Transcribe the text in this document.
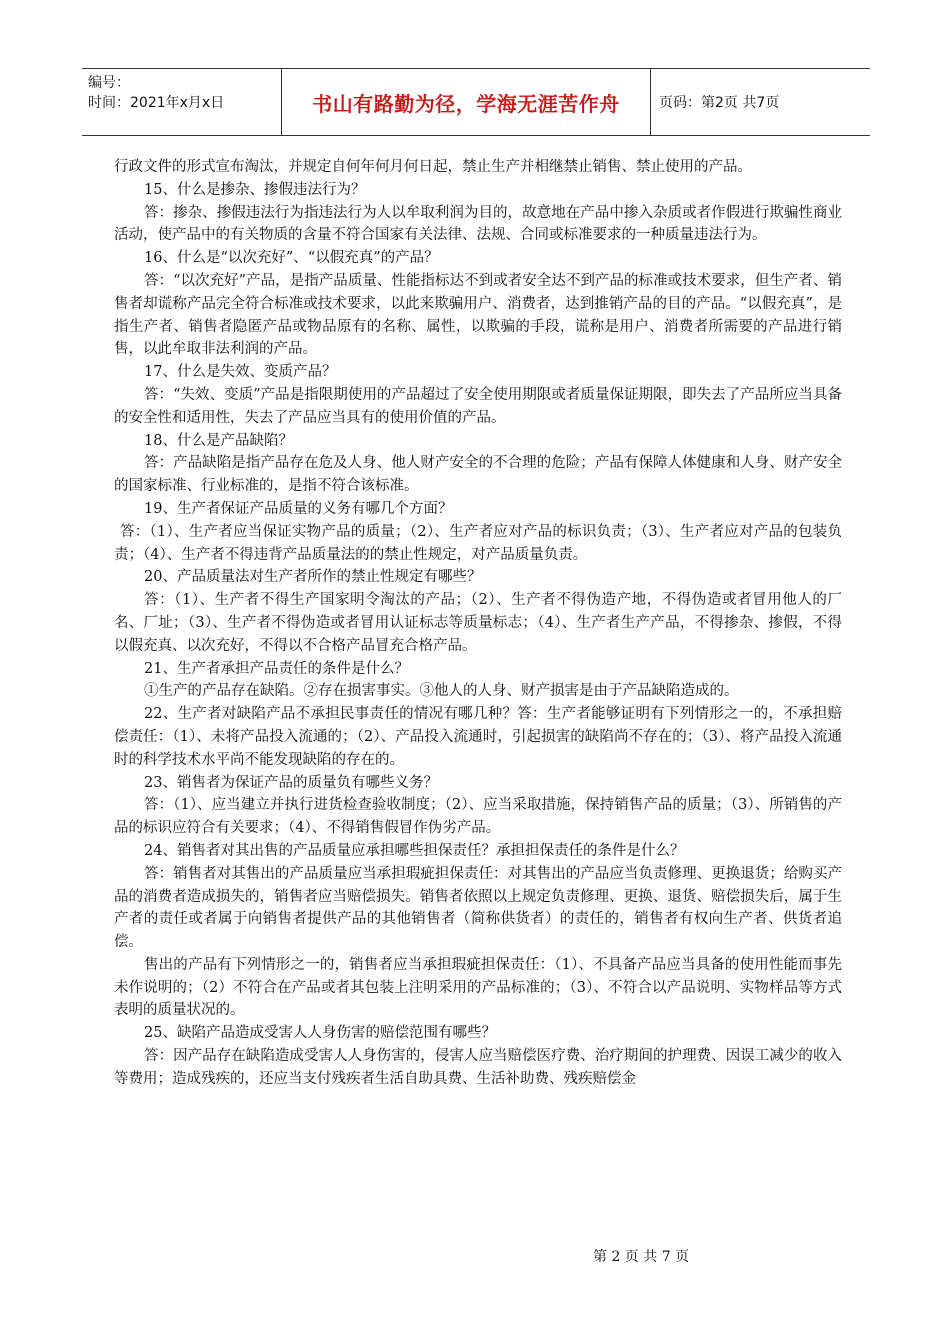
编号：
时间：2021年x月x日	书山有路勤为径，学海无涯苦作舟	页码：第2页 共7页

行政文件的形式宣布淘汰，并规定自何年何月何日起，禁止生产并相继禁止销售、禁止使用的产品。

15、什么是掺杂、掺假违法行为？

答：掺杂、掺假违法行为指违法行为人以牟取利润为目的，故意地在产品中掺入杂质或者作假进行欺骗性商业活动，使产品中的有关物质的含量不符合国家有关法律、法规、合同或标准要求的一种质量违法行为。

16、什么是“以次充好”、“以假充真”的产品？

答：“以次充好”产品，是指产品质量、性能指标达不到或者安全达不到产品的标准或技术要求，但生产者、销售者却谎称产品完全符合标准或技术要求，以此来欺骗用户、消费者，达到推销产品的目的产品。“以假充真”，是指生产者、销售者隐匿产品或物品原有的名称、属性，以欺骗的手段，谎称是用户、消费者所需要的产品进行销售，以此牟取非法利润的产品。

17、什么是失效、变质产品？

答：“失效、变质”产品是指限期使用的产品超过了安全使用期限或者质量保证期限，即失去了产品所应当具备的安全性和适用性，失去了产品应当具有的使用价值的产品。

18、什么是产品缺陷？

答：产品缺陷是指产品存在危及人身、他人财产安全的不合理的危险；产品有保障人体健康和人身、财产安全的国家标准、行业标准的，是指不符合该标准。

19、生产者保证产品质量的义务有哪几个方面？

答：（1）、生产者应当保证实物产品的质量；（2）、生产者应对产品的标识负责；（3）、生产者应对产品的包装负责；（4）、生产者不得违背产品质量法的的禁止性规定，对产品质量负责。

20、产品质量法对生产者所作的禁止性规定有哪些？

答：（1）、生产者不得生产国家明令淘汰的产品；（2）、生产者不得伪造产地，不得伪造或者冒用他人的厂名、厂址；（3）、生产者不得伪造或者冒用认证标志等质量标志；（4）、生产者生产产品，不得掺杂、掺假，不得以假充真、以次充好，不得以不合格产品冒充合格产品。

21、生产者承担产品责任的条件是什么？

①生产的产品存在缺陷。②存在损害事实。③他人的人身、财产损害是由于产品缺陷造成的。

22、生产者对缺陷产品不承担民事责任的情况有哪几种？答：生产者能够证明有下列情形之一的，不承担赔偿责任：（1）、未将产品投入流通的；（2）、产品投入流通时，引起损害的缺陷尚不存在的；（3）、将产品投入流通时的科学技术水平尚不能发现缺陷的存在的。

23、销售者为保证产品的质量负有哪些义务？

答：（1）、应当建立并执行进货检查验收制度；（2）、应当采取措施，保持销售产品的质量；（3）、所销售的产品的标识应符合有关要求；（4）、不得销售假冒作伪劣产品。

24、销售者对其出售的产品质量应承担哪些担保责任？承担担保责任的条件是什么？

答：销售者对其售出的产品质量应当承担瑕疵担保责任：对其售出的产品应当负责修理、更换退货；给购买产品的消费者造成损失的，销售者应当赔偿损失。销售者依照以上规定负责修理、更换、退货、赔偿损失后，属于生产者的责任或者属于向销售者提供产品的其他销售者（简称供货者）的责任的，销售者有权向生产者、供货者追偿。

售出的产品有下列情形之一的，销售者应当承担瑕疵担保责任：（1）、不具备产品应当具备的使用性能而事先未作说明的；（2）不符合在产品或者其包装上注明采用的产品标准的；（3）、不符合以产品说明、实物样品等方式表明的质量状况的。

25、缺陷产品造成受害人人身伤害的赔偿范围有哪些？

答：因产品存在缺陷造成受害人人身伤害的，侵害人应当赔偿医疗费、治疗期间的护理费、因误工减少的收入等费用；造成残疾的，还应当支付残疾者生活自助具费、生活补助费、残疾赔偿金

第 2 页 共 7 页
